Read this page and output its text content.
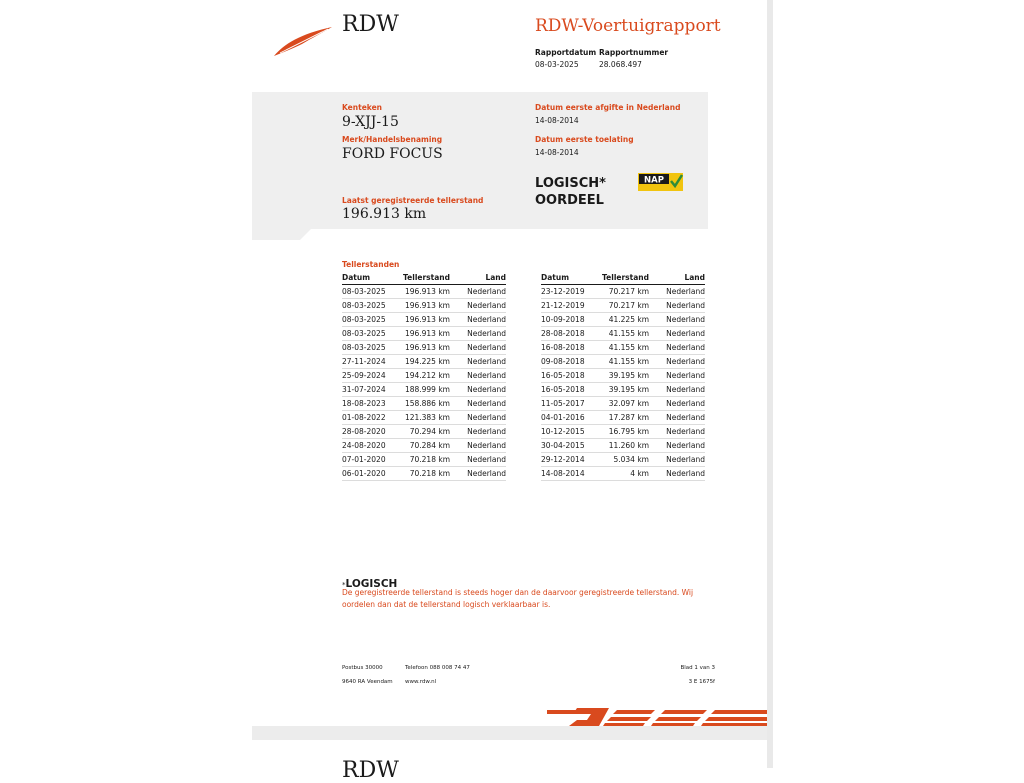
RDW	RDW-Voertuigrapport
Rapportdatum
08-03-2025
Rapportnummer
28.068.497
Kenteken
9-XJJ-15
Merk/Handelsbenaming
FORD FOCUS
Datum eerste afgifte in Nederland
14-08-2014
Datum eerste toelating
14-08-2014
LOGISCH*
OORDEEL
NAP
Laatst geregistreerde tellerstand
196.913 km
Tellerstanden
Datum	Tellerstand	Land
08-03-2025	196.913 km	Nederland
08-03-2025	196.913 km	Nederland
08-03-2025	196.913 km	Nederland
08-03-2025	196.913 km	Nederland
08-03-2025	196.913 km	Nederland
27-11-2024	194.225 km	Nederland
25-09-2024	194.212 km	Nederland
31-07-2024	188.999 km	Nederland
18-08-2023	158.886 km	Nederland
01-08-2022	121.383 km	Nederland
28-08-2020	70.294 km	Nederland
24-08-2020	70.284 km	Nederland
07-01-2020	70.218 km	Nederland
06-01-2020	70.218 km	Nederland
Datum	Tellerstand	Land
23-12-2019	70.217 km	Nederland
21-12-2019	70.217 km	Nederland
10-09-2018	41.225 km	Nederland
28-08-2018	41.155 km	Nederland
16-08-2018	41.155 km	Nederland
09-08-2018	41.155 km	Nederland
16-05-2018	39.195 km	Nederland
16-05-2018	39.195 km	Nederland
11-05-2017	32.097 km	Nederland
04-01-2016	17.287 km	Nederland
10-12-2015	16.795 km	Nederland
30-04-2015	11.260 km	Nederland
29-12-2014	5.034 km	Nederland
14-08-2014	4 km	Nederland
*LOGISCH
De geregistreerde tellerstand is steeds hoger dan de daarvoor geregistreerde tellerstand. Wij oordelen dan dat de tellerstand logisch verklaarbaar is.
Postbus 30000
9640 RA Veendam
Telefoon 088 008 74 47
www.rdw.nl
Blad 1 van 3
3 E 1675f
RDW
